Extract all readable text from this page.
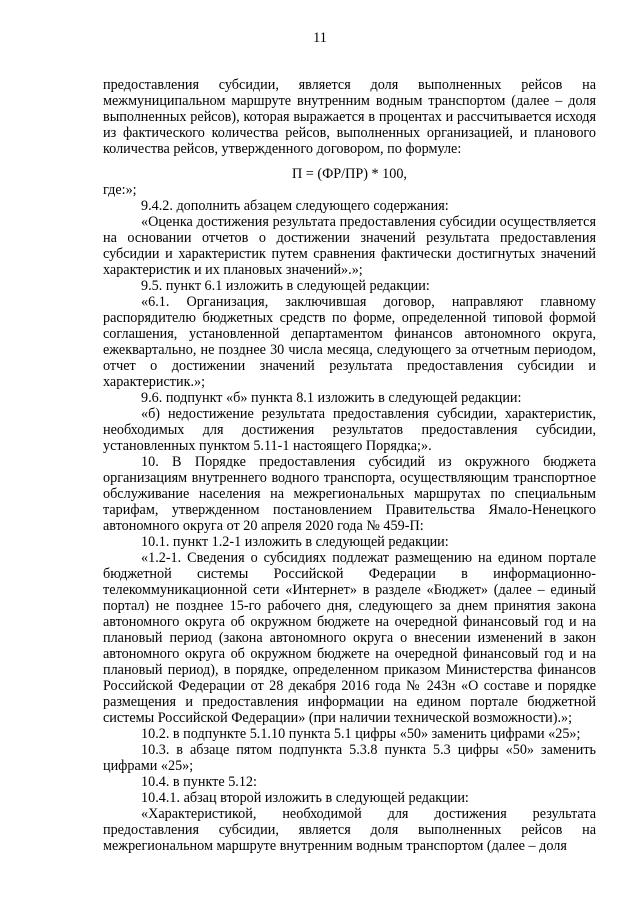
11

предоставления субсидии, является доля выполненных рейсов на межмуниципальном маршруте внутренним водным транспортом (далее – доля выполненных рейсов), которая выражается в процентах и рассчитывается исходя из фактического количества рейсов, выполненных организацией, и планового количества рейсов, утвержденного договором, по формуле:

П = (ФР/ПР) * 100,

где:»;

9.4.2. дополнить абзацем следующего содержания:

«Оценка достижения результата предоставления субсидии осуществляется на основании отчетов о достижении значений результата предоставления субсидии и характеристик путем сравнения фактически достигнутых значений характеристик и их плановых значений».»;

9.5. пункт 6.1 изложить в следующей редакции:

«6.1. Организация, заключившая договор, направляют главному распорядителю бюджетных средств по форме, определенной типовой формой соглашения, установленной департаментом финансов автономного округа, ежеквартально, не позднее 30 числа месяца, следующего за отчетным периодом, отчет о достижении значений результата предоставления субсидии и характеристик.»;

9.6. подпункт «б» пункта 8.1 изложить в следующей редакции:

«б) недостижение результата предоставления субсидии, характеристик, необходимых для достижения результатов предоставления субсидии, установленных пунктом 5.11-1 настоящего Порядка;».

10. В Порядке предоставления субсидий из окружного бюджета организациям внутреннего водного транспорта, осуществляющим транспортное обслуживание населения на межрегиональных маршрутах по специальным тарифам, утвержденном постановлением Правительства Ямало-Ненецкого автономного округа от 20 апреля 2020 года № 459-П:

10.1. пункт 1.2-1 изложить в следующей редакции:

«1.2-1. Сведения о субсидиях подлежат размещению на едином портале бюджетной системы Российской Федерации в информационно-телекоммуникационной сети «Интернет» в разделе «Бюджет» (далее – единый портал) не позднее 15-го рабочего дня, следующего за днем принятия закона автономного округа об окружном бюджете на очередной финансовый год и на плановый период (закона автономного округа о внесении изменений в закон автономного округа об окружном бюджете на очередной финансовый год и на плановый период), в порядке, определенном приказом Министерства финансов Российской Федерации от 28 декабря 2016 года № 243н «О составе и порядке размещения и предоставления информации на едином портале бюджетной системы Российской Федерации» (при наличии технической возможности).»;

10.2. в подпункте 5.1.10 пункта 5.1 цифры «50» заменить цифрами «25»;

10.3. в абзаце пятом подпункта 5.3.8 пункта 5.3 цифры «50» заменить цифрами «25»;

10.4. в пункте 5.12:

10.4.1. абзац второй изложить в следующей редакции:

«Характеристикой, необходимой для достижения результата предоставления субсидии, является доля выполненных рейсов на межрегиональном маршруте внутренним водным транспортом (далее – доля
